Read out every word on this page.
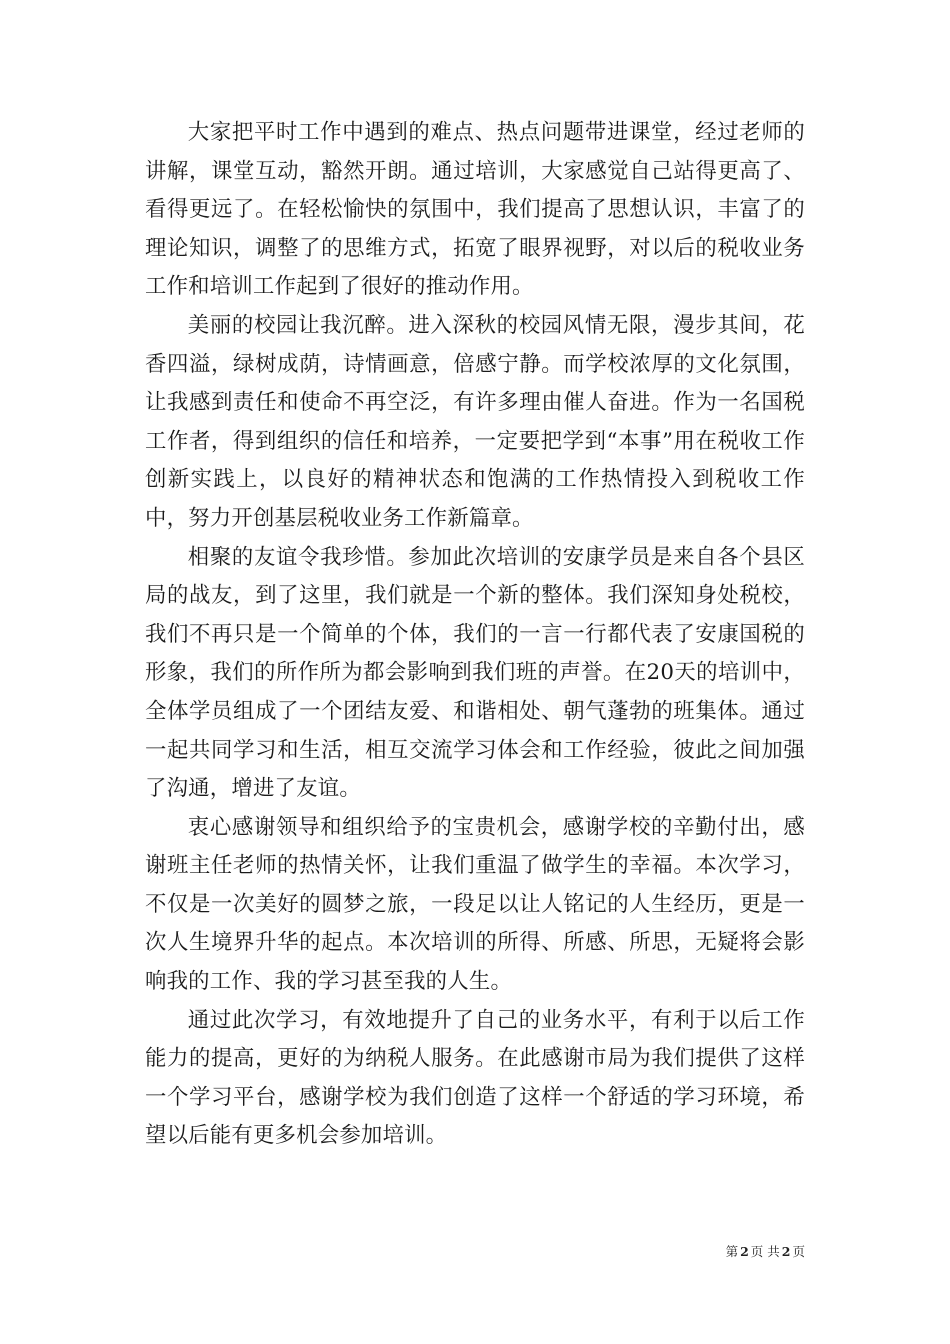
大家把平时工作中遇到的难点、热点问题带进课堂，经过老师的讲解，课堂互动，豁然开朗。通过培训，大家感觉自己站得更高了、看得更远了。在轻松愉快的氛围中，我们提高了思想认识，丰富了的理论知识，调整了的思维方式，拓宽了眼界视野，对以后的税收业务工作和培训工作起到了很好的推动作用。

美丽的校园让我沉醉。进入深秋的校园风情无限，漫步其间，花香四溢，绿树成荫，诗情画意，倍感宁静。而学校浓厚的文化氛围，让我感到责任和使命不再空泛，有许多理由催人奋进。作为一名国税工作者，得到组织的信任和培养，一定要把学到“本事”用在税收工作创新实践上，以良好的精神状态和饱满的工作热情投入到税收工作中，努力开创基层税收业务工作新篇章。

相聚的友谊令我珍惜。参加此次培训的安康学员是来自各个县区局的战友，到了这里，我们就是一个新的整体。我们深知身处税校，我们不再只是一个简单的个体，我们的一言一行都代表了安康国税的形象，我们的所作所为都会影响到我们班的声誉。在20天的培训中，全体学员组成了一个团结友爱、和谐相处、朝气蓬勃的班集体。通过一起共同学习和生活，相互交流学习体会和工作经验，彼此之间加强了沟通，增进了友谊。

衷心感谢领导和组织给予的宝贵机会，感谢学校的辛勤付出，感谢班主任老师的热情关怀，让我们重温了做学生的幸福。本次学习，不仅是一次美好的圆梦之旅，一段足以让人铭记的人生经历，更是一次人生境界升华的起点。本次培训的所得、所感、所思，无疑将会影响我的工作、我的学习甚至我的人生。

通过此次学习，有效地提升了自己的业务水平，有利于以后工作能力的提高，更好的为纳税人服务。在此感谢市局为我们提供了这样一个学习平台，感谢学校为我们创造了这样一个舒适的学习环境，希望以后能有更多机会参加培训。

第 2 页 共 2 页
